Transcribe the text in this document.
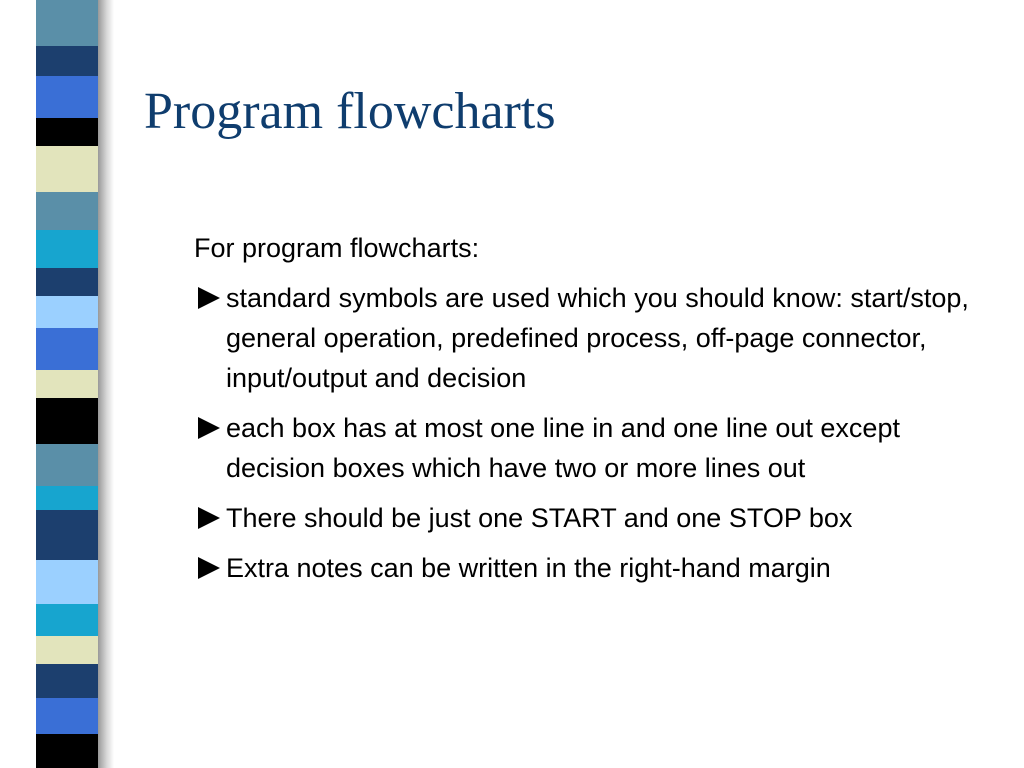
Program flowcharts

For program flowcharts:

standard symbols are used which you should know: start/stop, general operation, predefined process, off-page connector, input/output and decision
each box has at most one line in and one line out except decision boxes which have two or more lines out
There should be just one START and one STOP box
Extra notes can be written in the right-hand margin
